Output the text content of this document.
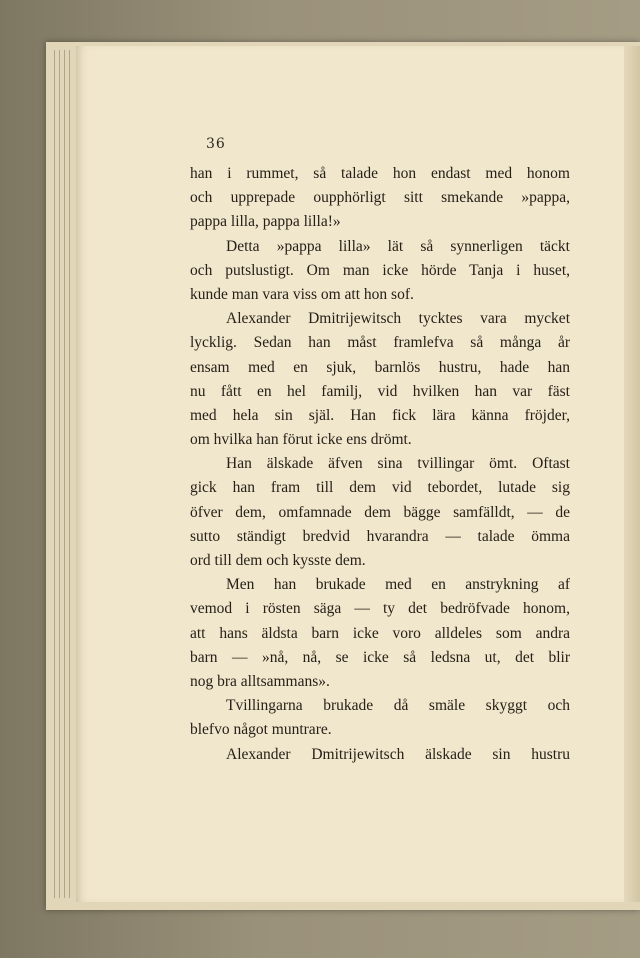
36
han i rummet, så talade hon endast med honom
och upprepade oupphörligt sitt smekande »pappa,
pappa lilla, pappa lilla!»
Detta »pappa lilla» lät så synnerligen täckt
och putslustigt. Om man icke hörde Tanja i huset,
kunde man vara viss om att hon sof.
Alexander Dmitrijewitsch tycktes vara mycket
lycklig. Sedan han måst framlefva så många år
ensam med en sjuk, barnlös hustru, hade han
nu fått en hel familj, vid hvilken han var fäst
med hela sin själ. Han fick lära känna fröjder,
om hvilka han förut icke ens drömt.
Han älskade äfven sina tvillingar ömt. Oftast
gick han fram till dem vid tebordet, lutade sig
öfver dem, omfamnade dem bägge samfälldt, — de
sutto ständigt bredvid hvarandra — talade ömma
ord till dem och kysste dem.
Men han brukade med en anstrykning af
vemod i rösten säga — ty det bedröfvade honom,
att hans äldsta barn icke voro alldeles som andra
barn — »nå, nå, se icke så ledsna ut, det blir
nog bra alltsammans».
Tvillingarna brukade då smäle skyggt och
blefvo något muntrare.
Alexander Dmitrijewitsch älskade sin hustru
